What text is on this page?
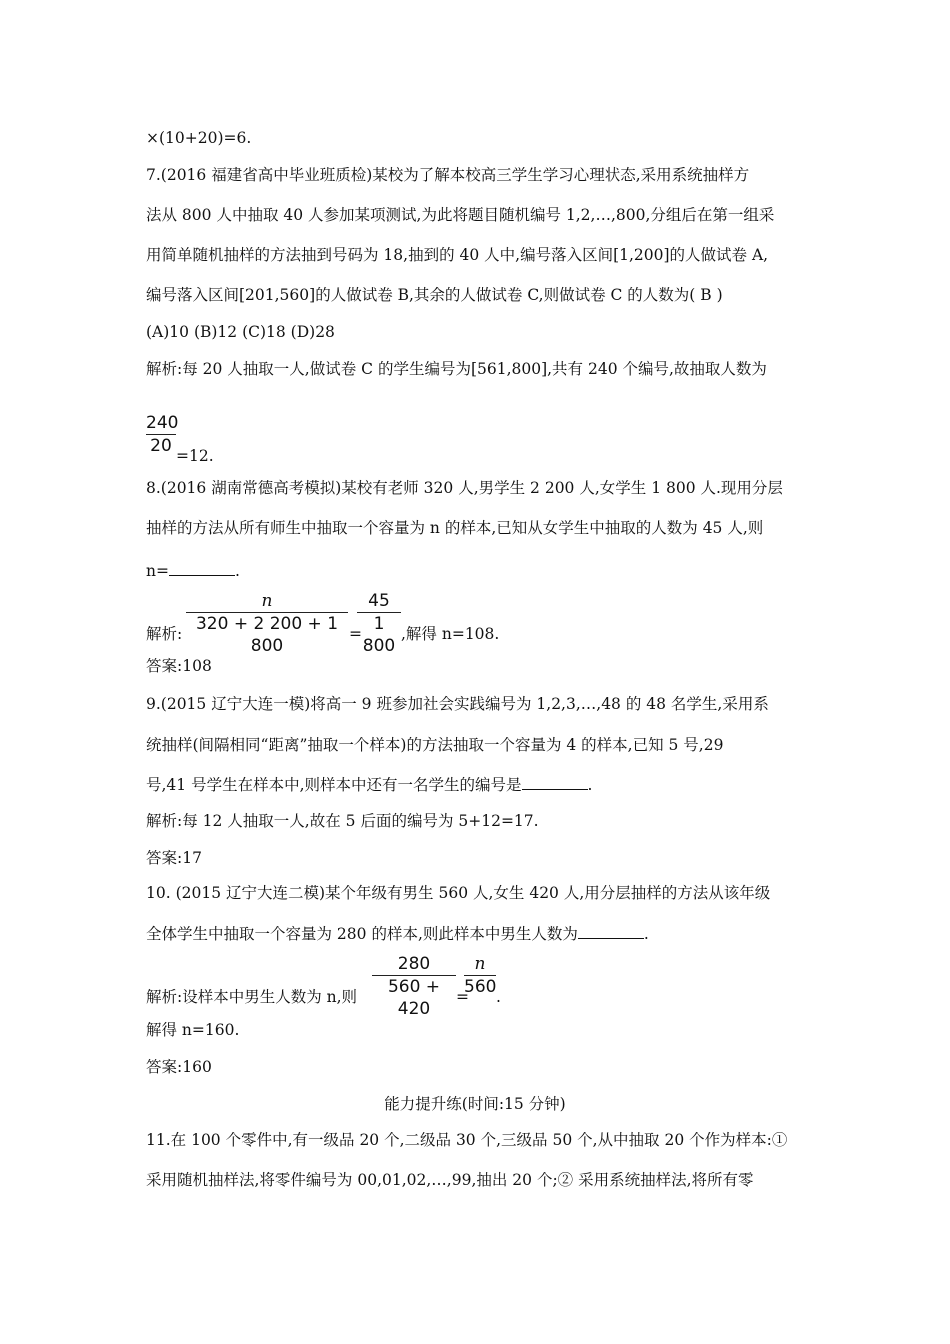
×(10+20)=6.
7.(2016 福建省高中毕业班质检)某校为了解本校高三学生学习心理状态,采用系统抽样方
法从 800 人中抽取 40 人参加某项测试,为此将题目随机编号 1,2,…,800,分组后在第一组采
用简单随机抽样的方法抽到号码为 18,抽到的 40 人中,编号落入区间[1,200]的人做试卷 A,
编号落入区间[201,560]的人做试卷 B,其余的人做试卷 C,则做试卷 C 的人数为( B )
(A)10 (B)12 (C)18 (D)28
解析:每 20 人抽取一人,做试卷 C 的学生编号为[561,800],共有 240 个编号,故抽取人数为
240
20 =12.
8.(2016 湖南常德高考模拟)某校有老师 320 人,男学生 2 200 人,女学生 1 800 人.现用分层
抽样的方法从所有师生中抽取一个容量为 n 的样本,已知从女学生中抽取的人数为 45 人,则
n=	.
解析:
n
320 + 2 200 + 1 800
=
45
1 800
,解得 n=108.
答案:108
9.(2015 辽宁大连一模)将高一 9 班参加社会实践编号为 1,2,3,…,48 的 48 名学生,采用系
统抽样(间隔相同“距离”抽取一个样本)的方法抽取一个容量为 4 的样本,已知 5 号,29
号,41 号学生在样本中,则样本中还有一名学生的编号是	.
解析:每 12 人抽取一人,故在 5 后面的编号为 5+12=17.
答案:17
10. (2015 辽宁大连二模)某个年级有男生 560 人,女生 420 人,用分层抽样的方法从该年级
全体学生中抽取一个容量为 280 的样本,则此样本中男生人数为	.
解析:设样本中男生人数为 n,则
280
560 + 420
=
n
560 .
解得 n=160.
答案:160
能力提升练(时间:15 分钟)
11.在 100 个零件中,有一级品 20 个,二级品 30 个,三级品 50 个,从中抽取 20 个作为样本:①
采用随机抽样法,将零件编号为 00,01,02,…,99,抽出 20 个;② 采用系统抽样法,将所有零
